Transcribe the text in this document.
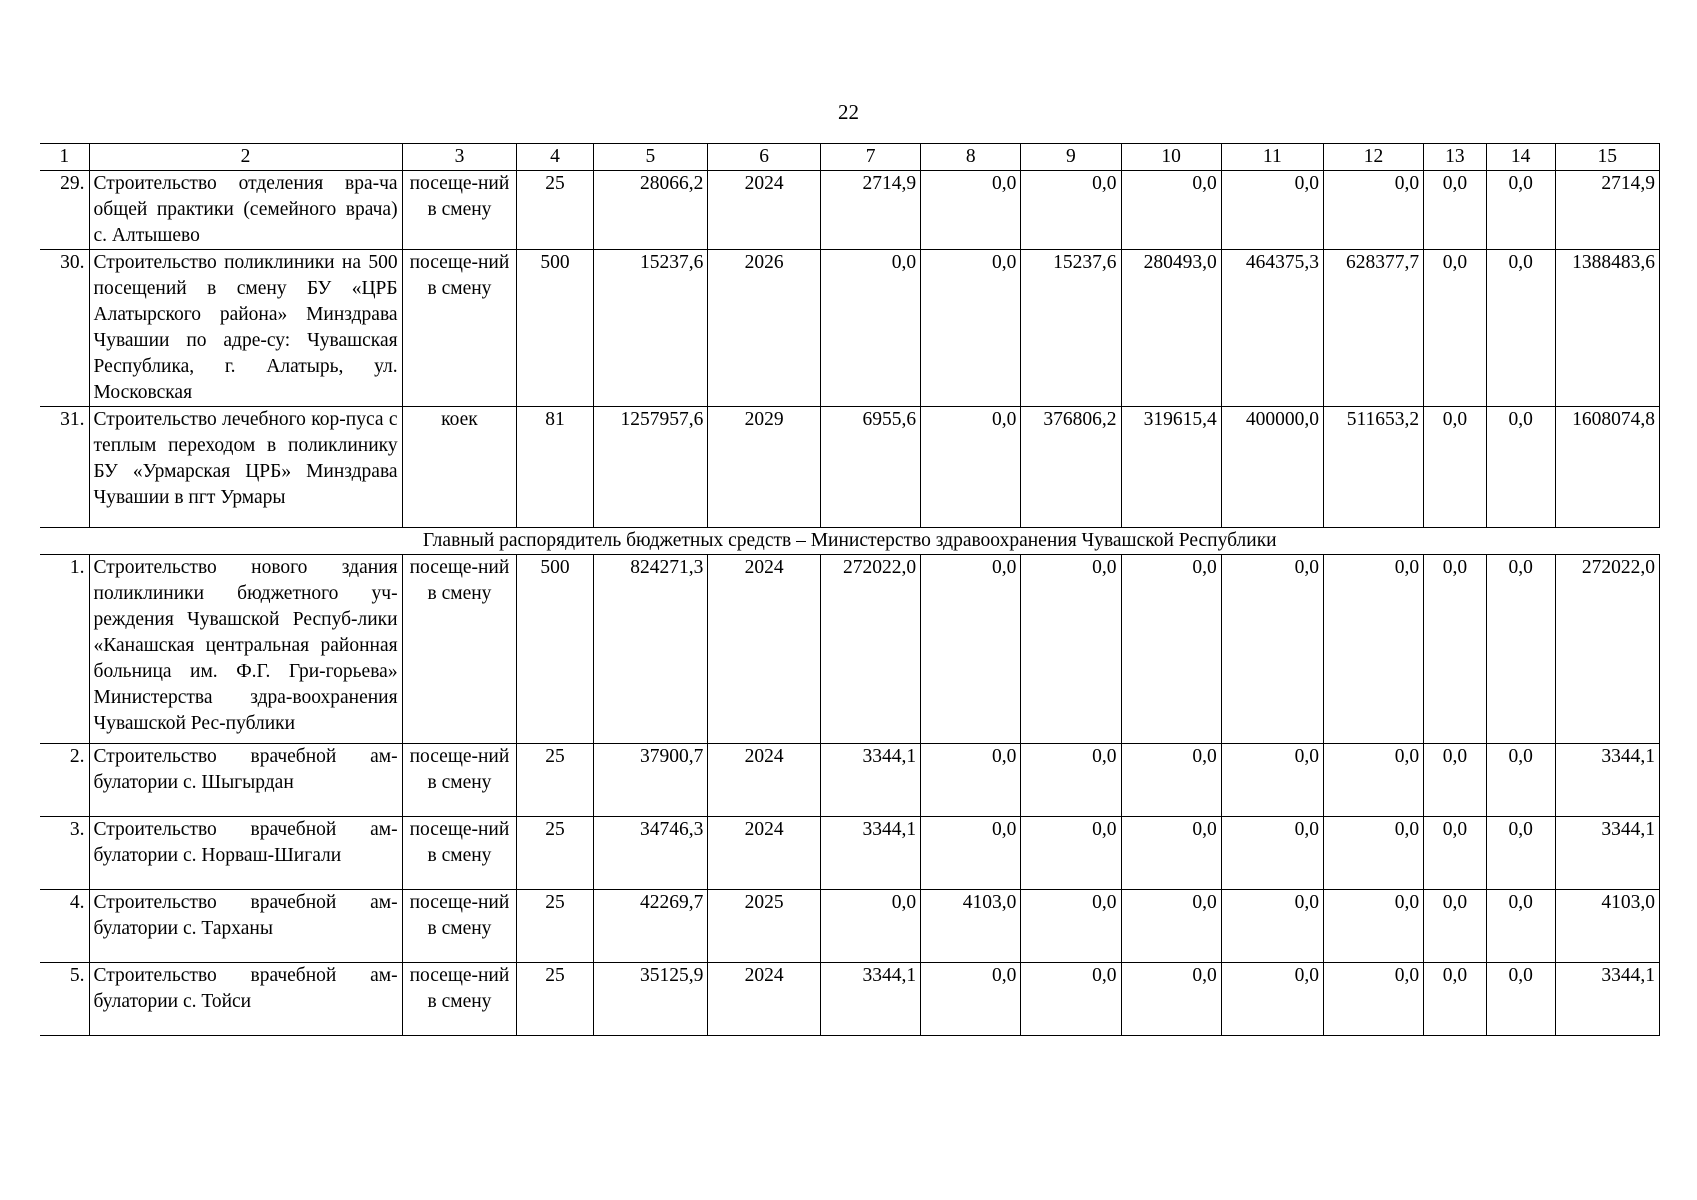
22
1	2	3	4	5	6	7	8	9	10	11	12	13	14	15
29.	Строительство отделения вра-ча общей практики (семейного врача) с. Алтышево	посеще-ний в смену	25	28066,2	2024	2714,9	0,0	0,0	0,0	0,0	0,0	0,0	0,0	2714,9
30.	Строительство поликлиники на 500 посещений в смену БУ «ЦРБ Алатырского района» Минздрава Чувашии по адре-су: Чувашская Республика, г. Алатырь, ул. Московская	посеще-ний в смену	500	15237,6	2026	0,0	0,0	15237,6	280493,0	464375,3	628377,7	0,0	0,0	1388483,6
31.	Строительство лечебного кор-пуса с теплым переходом в поликлинику БУ «Урмарская ЦРБ» Минздрава Чувашии в пгт Урмары	коек	81	1257957,6	2029	6955,6	0,0	376806,2	319615,4	400000,0	511653,2	0,0	0,0	1608074,8
Главный распорядитель бюджетных средств – Министерство здравоохранения Чувашской Республики														
1.	Строительство нового здания поликлиники бюджетного уч-реждения Чувашской Респуб-лики «Канашская центральная районная больница им. Ф.Г. Гри-горьева» Министерства здра-воохранения Чувашской Рес-публики	посеще-ний в смену	500	824271,3	2024	272022,0	0,0	0,0	0,0	0,0	0,0	0,0	0,0	272022,0
2.	Строительство врачебной ам-булатории с. Шыгырдан	посеще-ний в смену	25	37900,7	2024	3344,1	0,0	0,0	0,0	0,0	0,0	0,0	0,0	3344,1
3.	Строительство врачебной ам-булатории с. Норваш-Шигали	посеще-ний в смену	25	34746,3	2024	3344,1	0,0	0,0	0,0	0,0	0,0	0,0	0,0	3344,1
4.	Строительство врачебной ам-булатории с. Тарханы	посеще-ний в смену	25	42269,7	2025	0,0	4103,0	0,0	0,0	0,0	0,0	0,0	0,0	4103,0
5.	Строительство врачебной ам-булатории с. Тойси	посеще-ний в смену	25	35125,9	2024	3344,1	0,0	0,0	0,0	0,0	0,0	0,0	0,0	3344,1
